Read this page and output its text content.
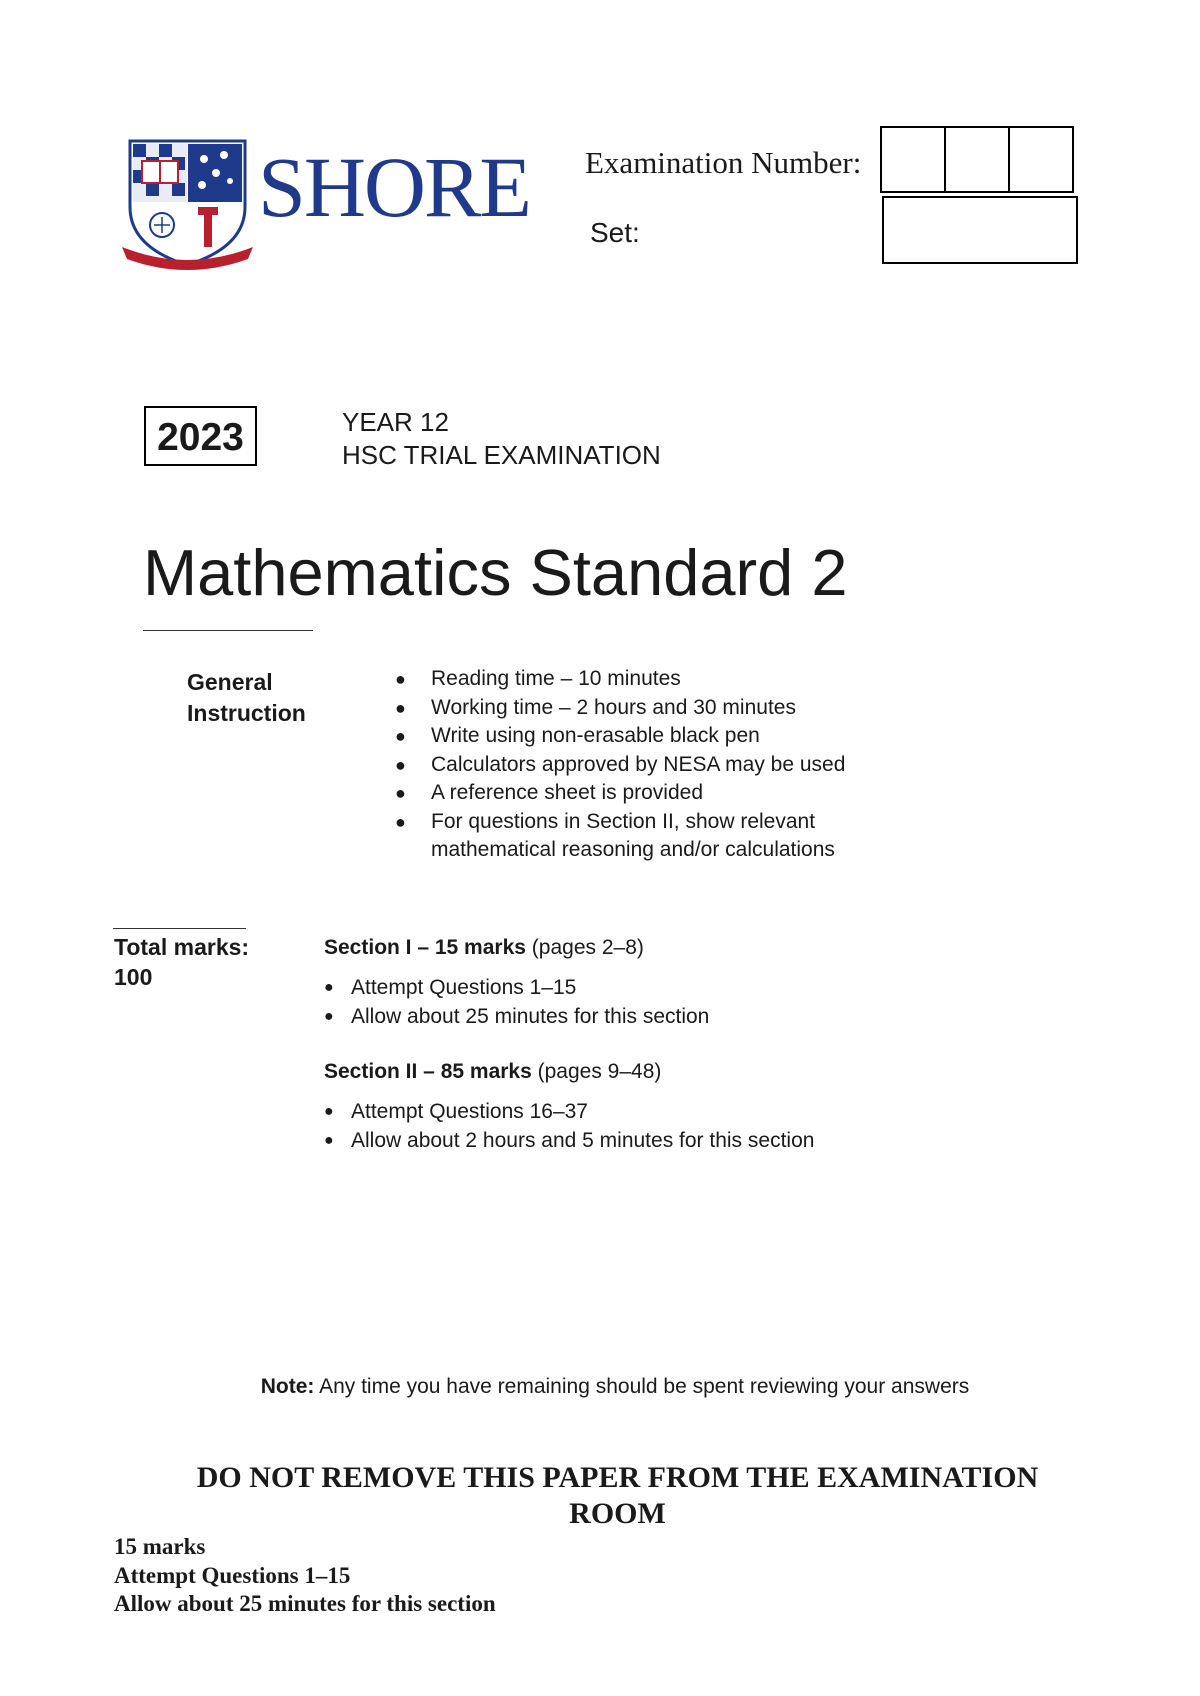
SHORE Examination Number:
Set:
2023	YEAR 12
HSC TRIAL EXAMINATION
Mathematics Standard 2
General Instruction
●	Reading time – 10 minutes
●	Working time – 2 hours and 30 minutes
●	Write using non-erasable black pen
●	Calculators approved by NESA may be used
●	A reference sheet is provided
●	For questions in Section II, show relevant mathematical reasoning and/or calculations
Total marks:
100
Section I – 15 marks (pages 2–8)
● Attempt Questions 1–15
● Allow about 25 minutes for this section
Section II – 85 marks (pages 9–48)
● Attempt Questions 16–37
● Allow about 2 hours and 5 minutes for this section
Note: Any time you have remaining should be spent reviewing your answers
DO NOT REMOVE THIS PAPER FROM THE EXAMINATION ROOM
15 marks
Attempt Questions 1–15
Allow about 25 minutes for this section
